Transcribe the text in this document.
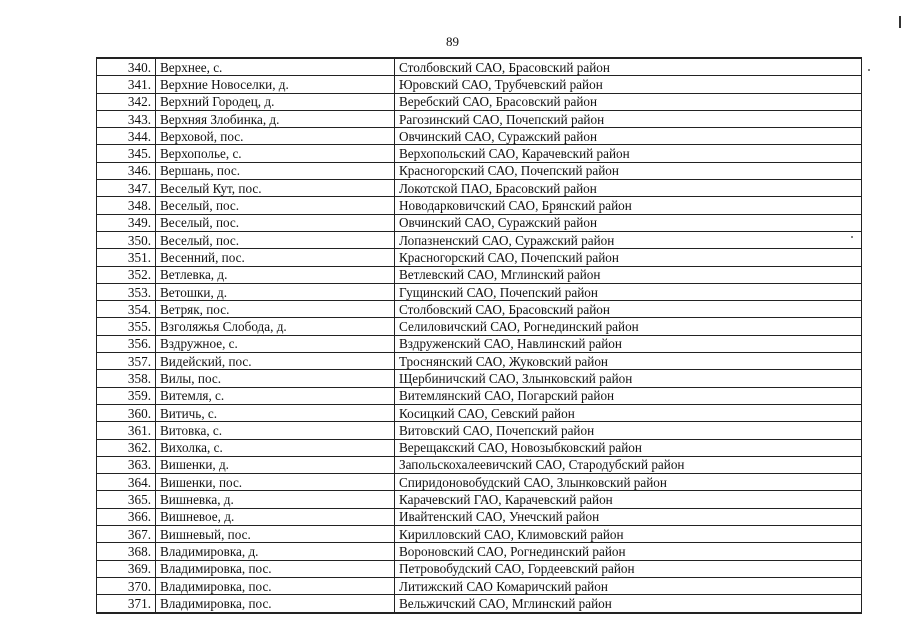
89
340.	Верхнее, с.	Столбовский САО, Брасовский район
341.	Верхние Новоселки, д.	Юровский САО, Трубчевский район
342.	Верхний Городец, д.	Веребский САО, Брасовский район
343.	Верхняя Злобинка, д.	Рагозинский САО, Почепский район
344.	Верховой, пос.	Овчинский САО, Суражский район
345.	Верхополье, с.	Верхопольский САО, Карачевский район
346.	Вершань, пос.	Красногорский САО, Почепский район
347.	Веселый Кут, пос.	Локотской ПАО, Брасовский район
348.	Веселый, пос.	Новодарковичский САО, Брянский район
349.	Веселый, пос.	Овчинский САО, Суражский район
350.	Веселый, пос.	Лопазненский САО, Суражский район
351.	Весенний, пос.	Красногорский САО, Почепский район
352.	Ветлевка, д.	Ветлевский САО, Мглинский район
353.	Ветошки, д.	Гущинский САО, Почепский район
354.	Ветряк, пос.	Столбовский САО, Брасовский район
355.	Взголяжья Слобода, д.	Селиловичский САО, Рогнединский район
356.	Вздружное, с.	Вздруженский САО, Навлинский район
357.	Видейский, пос.	Троснянский САО, Жуковский район
358.	Вилы, пос.	Щербиничский САО, Злынковский район
359.	Витемля, с.	Витемлянский САО, Погарский район
360.	Витичь, с.	Косицкий САО, Севский район
361.	Витовка, с.	Витовский САО, Почепский район
362.	Вихолка, с.	Верещакский САО, Новозыбковский район
363.	Вишенки, д.	Запольскохалеевичский САО, Стародубский район
364.	Вишенки, пос.	Спиридоновобудский САО, Злынковский район
365.	Вишневка, д.	Карачевский ГАО, Карачевский район
366.	Вишневое, д.	Ивайтенский САО, Унечский район
367.	Вишневый, пос.	Кирилловский САО, Климовский район
368.	Владимировка, д.	Вороновский САО, Рогнединский район
369.	Владимировка, пос.	Петровобудский САО, Гордеевский район
370.	Владимировка, пос.	Литижский САО Комаричский район
371.	Владимировка, пос.	Вельжичский САО, Мглинский район
